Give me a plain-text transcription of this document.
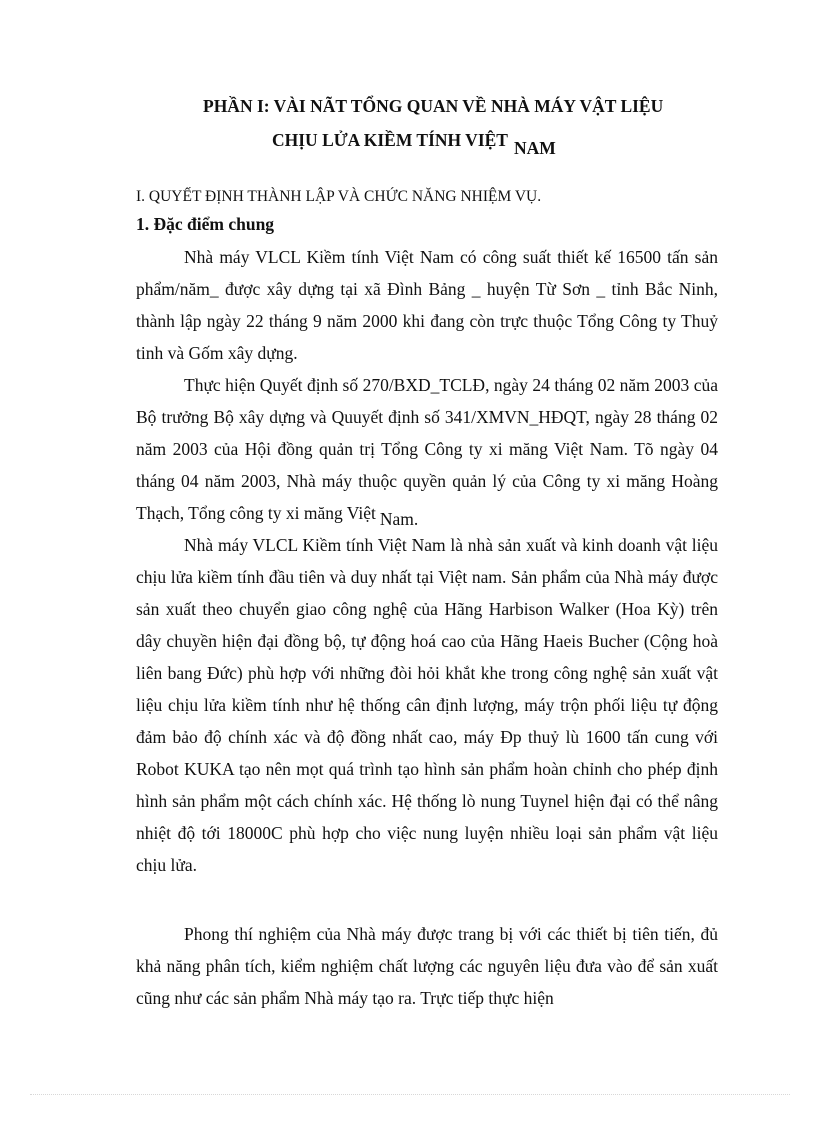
PHẦN I: VÀI NÃT TỔNG QUAN VỀ NHÀ MÁY VẬT LIỆU
CHỊU LỬA KIỀM TÍNH VIỆT NAM
I. QUYẾT ĐỊNH THÀNH LẬP VÀ CHỨC NĂNG NHIỆM VỤ.
1. Đặc điểm chung

Nhà máy VLCL Kiềm tính Việt Nam có công suất thiết kế 16500 tấn sản phẩm/năm_ được xây dựng tại xã Đình Bảng _ huyện Từ Sơn _ tỉnh Bắc Ninh, thành lập ngày 22 tháng 9 năm 2000 khi đang còn trực thuộc Tổng Công ty Thuỷ tinh và Gốm xây dựng.

Thực hiện Quyết định số 270/BXD_TCLĐ, ngày 24 tháng 02 năm 2003 của Bộ trưởng Bộ xây dựng và Quuyết định số 341/XMVN_HĐQT, ngày 28 tháng 02 năm 2003 của Hội đồng quản trị Tổng Công ty xi măng Việt Nam. Tõ ngày 04 tháng 04 năm 2003, Nhà máy thuộc quyền quản lý của Công ty xi măng Hoàng Thạch, Tổng công ty xi măng Việt Nam.

Nhà máy VLCL Kiềm tính Việt Nam là nhà sản xuất và kinh doanh vật liệu chịu lửa kiềm tính đầu tiên và duy nhất tại Việt nam. Sản phẩm của Nhà máy được sản xuất theo chuyển giao công nghệ của Hãng Harbison Walker (Hoa Kỳ) trên dây chuyền hiện đại đồng bộ, tự động hoá cao của Hãng Haeis Bucher (Cộng hoà liên bang Đức) phù hợp với những đòi hỏi khắt khe trong công nghệ sản xuất vật liệu chịu lửa kiềm tính như hệ thống cân định lượng, máy trộn phối liệu tự động đảm bảo độ chính xác và độ đồng nhất cao, máy Ðp thuỷ lù 1600 tấn cung với Robot KUKA tạo nên mọt quá trình tạo hình sản phẩm hoàn chỉnh cho phép định hình sản phẩm một cách chính xác. Hệ thống lò nung Tuynel hiện đại có thể nâng nhiệt độ tới 18000C phù hợp cho việc nung luyện nhiều loại sản phẩm vật liệu chịu lửa.

Phong thí nghiệm của Nhà máy được trang bị với các thiết bị tiên tiến, đủ khả năng phân tích, kiểm nghiệm chất lượng các nguyên liệu đưa vào để sản xuất cũng như các sản phẩm Nhà máy tạo ra. Trực tiếp thực hiện
